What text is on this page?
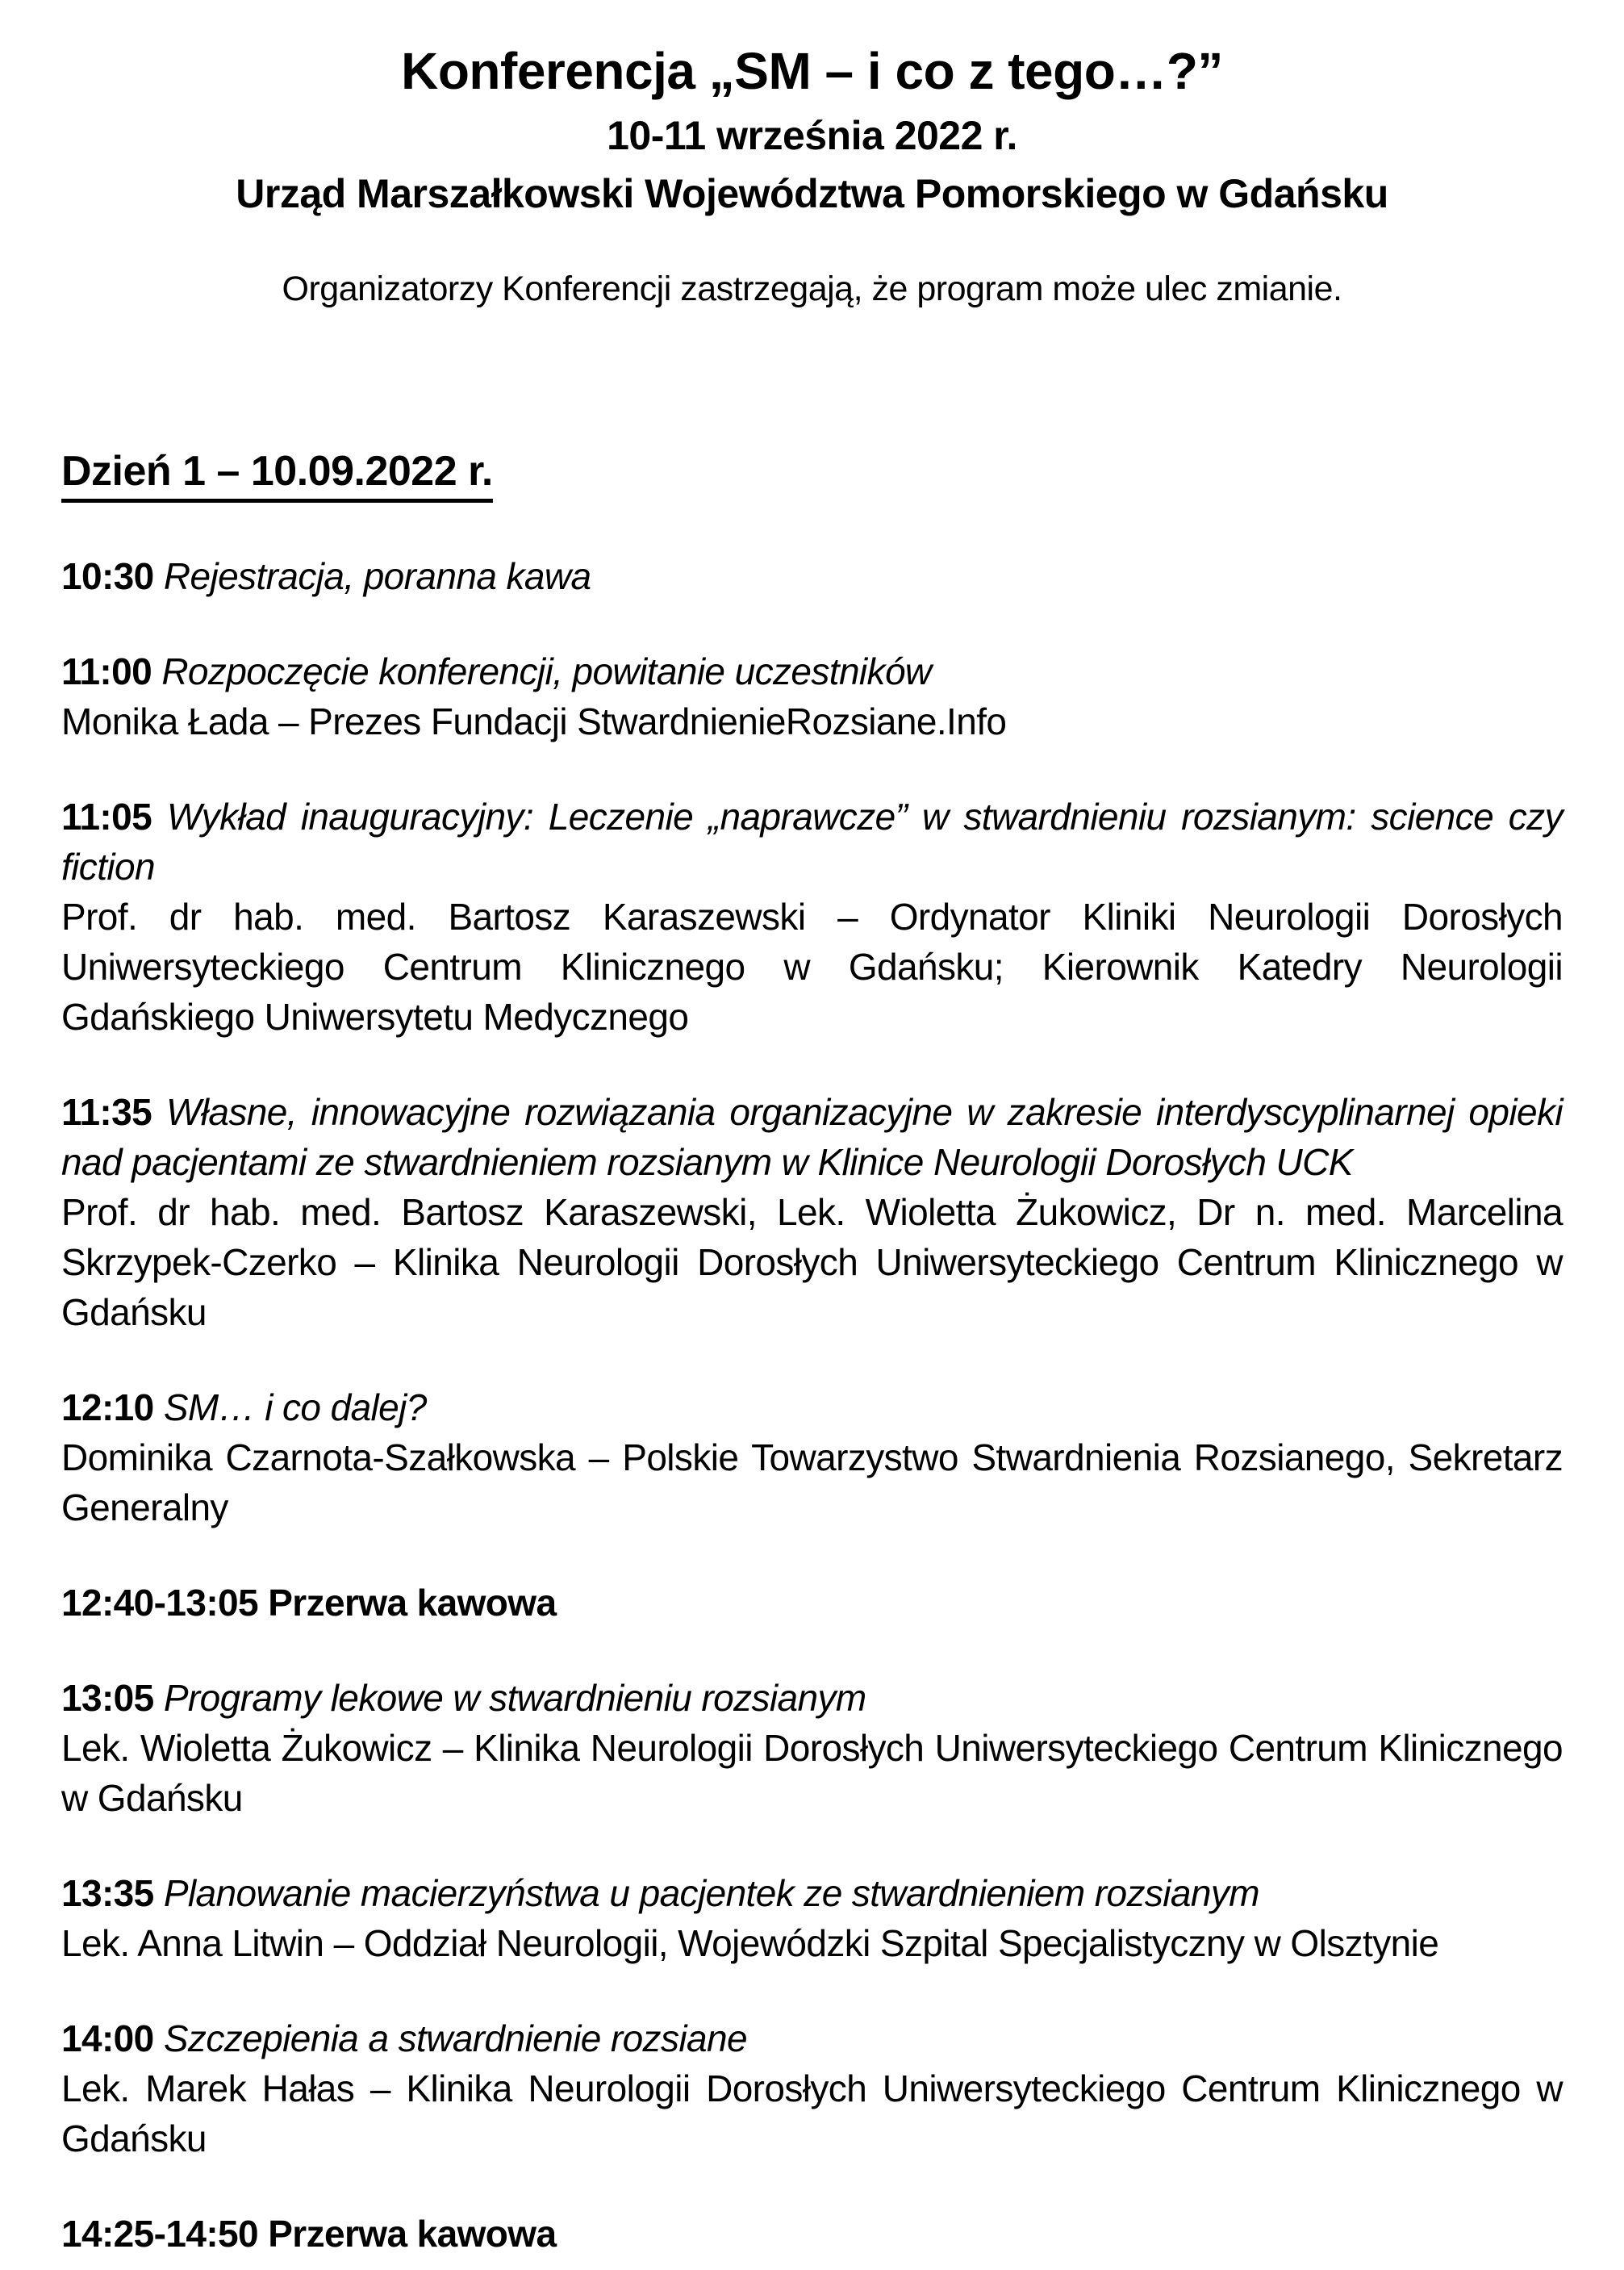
Konferencja „SM – i co z tego…?”

10-11 września 2022 r.

Urząd Marszałkowski Województwa Pomorskiego w Gdańsku

Organizatorzy Konferencji zastrzegają, że program może ulec zmianie.

Dzień 1 – 10.09.2022 r.

10:30 Rejestracja, poranna kawa

11:00 Rozpoczęcie konferencji, powitanie uczestników

Monika Łada – Prezes Fundacji StwardnienieRozsiane.Info

11:05 Wykład inauguracyjny: Leczenie „naprawcze” w stwardnieniu rozsianym: science czy fiction

Prof. dr hab. med. Bartosz Karaszewski – Ordynator Kliniki Neurologii Dorosłych Uniwersyteckiego Centrum Klinicznego w Gdańsku; Kierownik Katedry Neurologii Gdańskiego Uniwersytetu Medycznego

11:35 Własne, innowacyjne rozwiązania organizacyjne w zakresie interdyscyplinarnej opieki nad pacjentami ze stwardnieniem rozsianym w Klinice Neurologii Dorosłych UCK

Prof. dr hab. med. Bartosz Karaszewski, Lek. Wioletta Żukowicz, Dr n. med. Marcelina Skrzypek-Czerko – Klinika Neurologii Dorosłych Uniwersyteckiego Centrum Klinicznego w Gdańsku

12:10 SM… i co dalej?

Dominika Czarnota-Szałkowska – Polskie Towarzystwo Stwardnienia Rozsianego, Sekretarz Generalny

12:40-13:05 Przerwa kawowa

13:05 Programy lekowe w stwardnieniu rozsianym

Lek. Wioletta Żukowicz – Klinika Neurologii Dorosłych Uniwersyteckiego Centrum Klinicznego w Gdańsku

13:35 Planowanie macierzyństwa u pacjentek ze stwardnieniem rozsianym

Lek. Anna Litwin – Oddział Neurologii, Wojewódzki Szpital Specjalistyczny w Olsztynie

14:00 Szczepienia a stwardnienie rozsiane

Lek. Marek Hałas – Klinika Neurologii Dorosłych Uniwersyteckiego Centrum Klinicznego w Gdańsku

14:25-14:50 Przerwa kawowa
